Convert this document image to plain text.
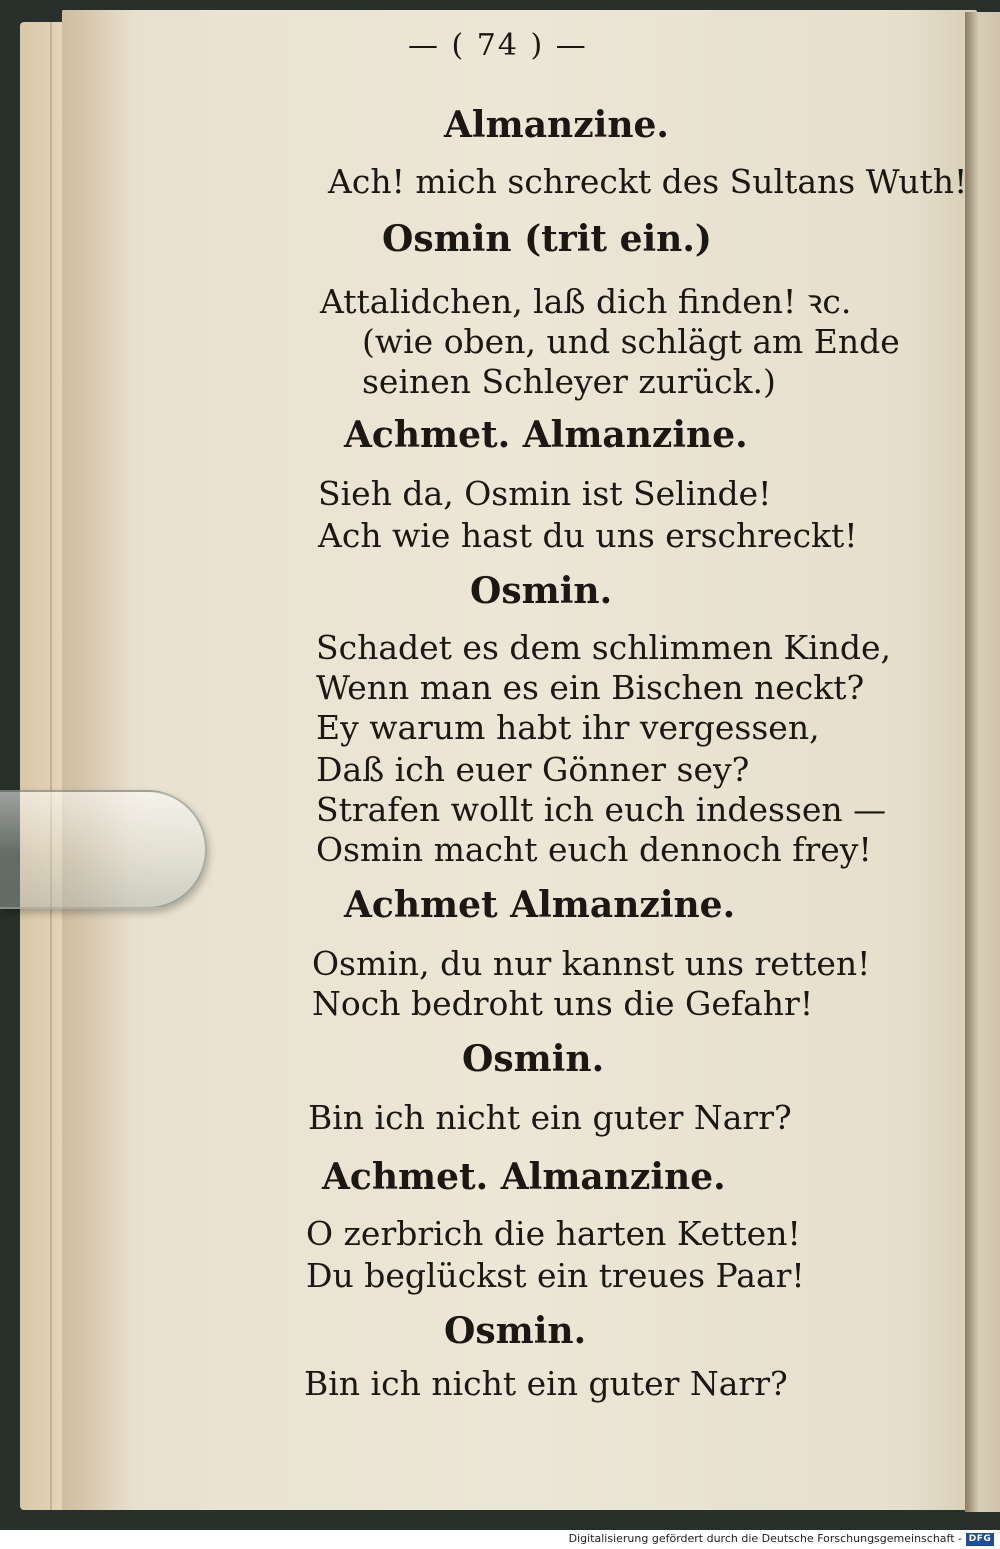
— ( 74 ) —
Almanzine.
Ach! mich schreckt des Sultans Wuth!
Osmin (trit ein.)
Attalidchen, laß dich finden! ꝛc.
(wie oben, und schlägt am Ende
seinen Schleyer zurück.)
Achmet. Almanzine.
Sieh da, Osmin ist Selinde!
Ach wie hast du uns erschreckt!
Osmin.
Schadet es dem schlimmen Kinde,
Wenn man es ein Bischen neckt?
Ey warum habt ihr vergessen,
Daß ich euer Gönner sey?
Strafen wollt ich euch indessen —
Osmin macht euch dennoch frey!
Achmet Almanzine.
Osmin, du nur kannst uns retten!
Noch bedroht uns die Gefahr!
Osmin.
Bin ich nicht ein guter Narr?
Achmet. Almanzine.
O zerbrich die harten Ketten!
Du beglückst ein treues Paar!
Osmin.
Bin ich nicht ein guter Narr?
Digitalisierung gefördert durch die Deutsche Forschungsgemeinschaft - DFG
